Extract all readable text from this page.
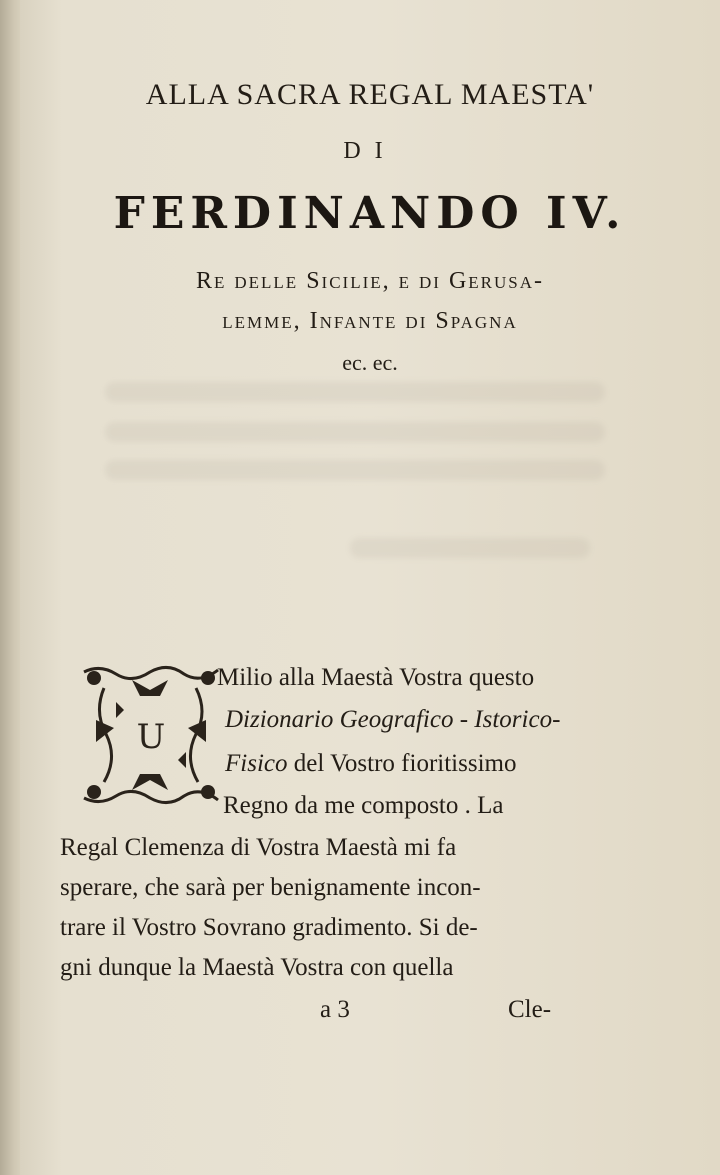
ALLA SACRA REGAL MAESTA'
DI
FERDINANDO IV.
Re delle Sicilie, e di Gerusa-
lemme, Infante di Spagna
ec. ec.
U
Milio alla Maestà Vostra questo
Dizionario Geografico - Istorico-
Fisico del Vostro fioritissimo
Regno da me composto . La
Regal Clemenza di Vostra Maestà mi fa
sperare, che sarà per benignamente incon-
trare il Vostro Sovrano gradimento. Si de-
gni dunque la Maestà Vostra con quella
a 3	Cle-
